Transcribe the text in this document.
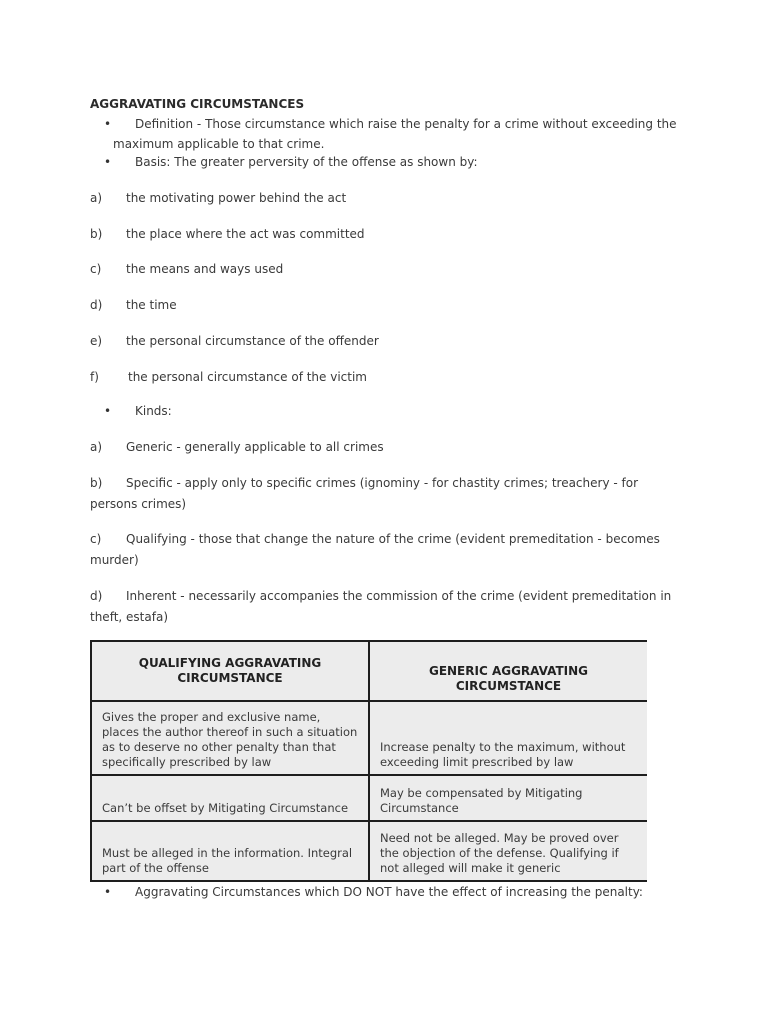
AGGRAVATING CIRCUMSTANCES
• Definition - Those circumstance which raise the penalty for a crime without exceeding the
maximum applicable to that crime.
• Basis: The greater perversity of the offense as shown by:
a) the motivating power behind the act
b) the place where the act was committed
c) the means and ways used
d) the time
e) the personal circumstance of the offender
f) the personal circumstance of the victim
• Kinds:
a) Generic - generally applicable to all crimes
b) Specific - apply only to specific crimes (ignominy - for chastity crimes; treachery - for
persons crimes)
c) Qualifying - those that change the nature of the crime (evident premeditation - becomes
murder)
d) Inherent - necessarily accompanies the commission of the crime (evident premeditation in
theft, estafa)
QUALIFYING AGGRAVATING CIRCUMSTANCE	GENERIC AGGRAVATING CIRCUMSTANCE
Gives the proper and exclusive name, places the author thereof in such a situation as to deserve no other penalty than that specifically prescribed by law	Increase penalty to the maximum, without exceeding limit prescribed by law
Can’t be offset by Mitigating Circumstance	May be compensated by Mitigating Circumstance
Must be alleged in the information. Integral part of the offense	Need not be alleged. May be proved over the objection of the defense. Qualifying if not alleged will make it generic
• Aggravating Circumstances which DO NOT have the effect of increasing the penalty:
